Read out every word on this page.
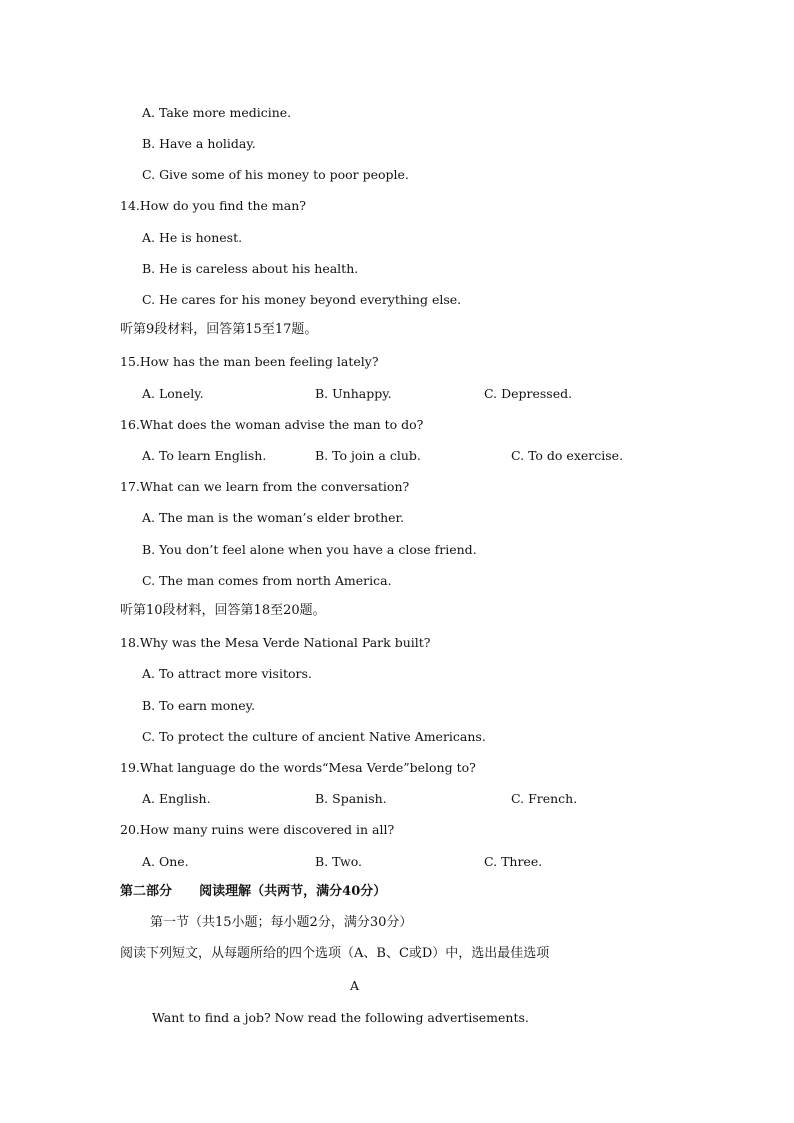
A. Take more medicine.
B. Have a holiday.
C. Give some of his money to poor people.
14.How do you find the man?
A. He is honest.
B. He is careless about his health.
C. He cares for his money beyond everything else.
听第9段材料，回答第15至17题。
15.How has the man been feeling lately?
A. Lonely.	B. Unhappy.	C. Depressed.
16.What does the woman advise the man to do?
A. To learn English.	B. To join a club.	C. To do exercise.
17.What can we learn from the conversation?
A. The man is the woman’s elder brother.
B. You don’t feel alone when you have a close friend.
C. The man comes from north America.
听第10段材料，回答第18至20题。
18.Why was the Mesa Verde National Park built?
A. To attract more visitors.
B. To earn money.
C. To protect the culture of ancient Native Americans.
19.What language do the words“Mesa Verde”belong to?
A. English.	B. Spanish.	C. French.
20.How many ruins were discovered in all?
A. One.	B. Two.	C. Three.
第二部分      阅读理解（共两节，满分40分）
第一节（共15小题；每小题2分，满分30分）
阅读下列短文，从每题所给的四个选项（A、B、C或D）中，选出最佳选项
A
Want to find a job? Now read the following advertisements.
